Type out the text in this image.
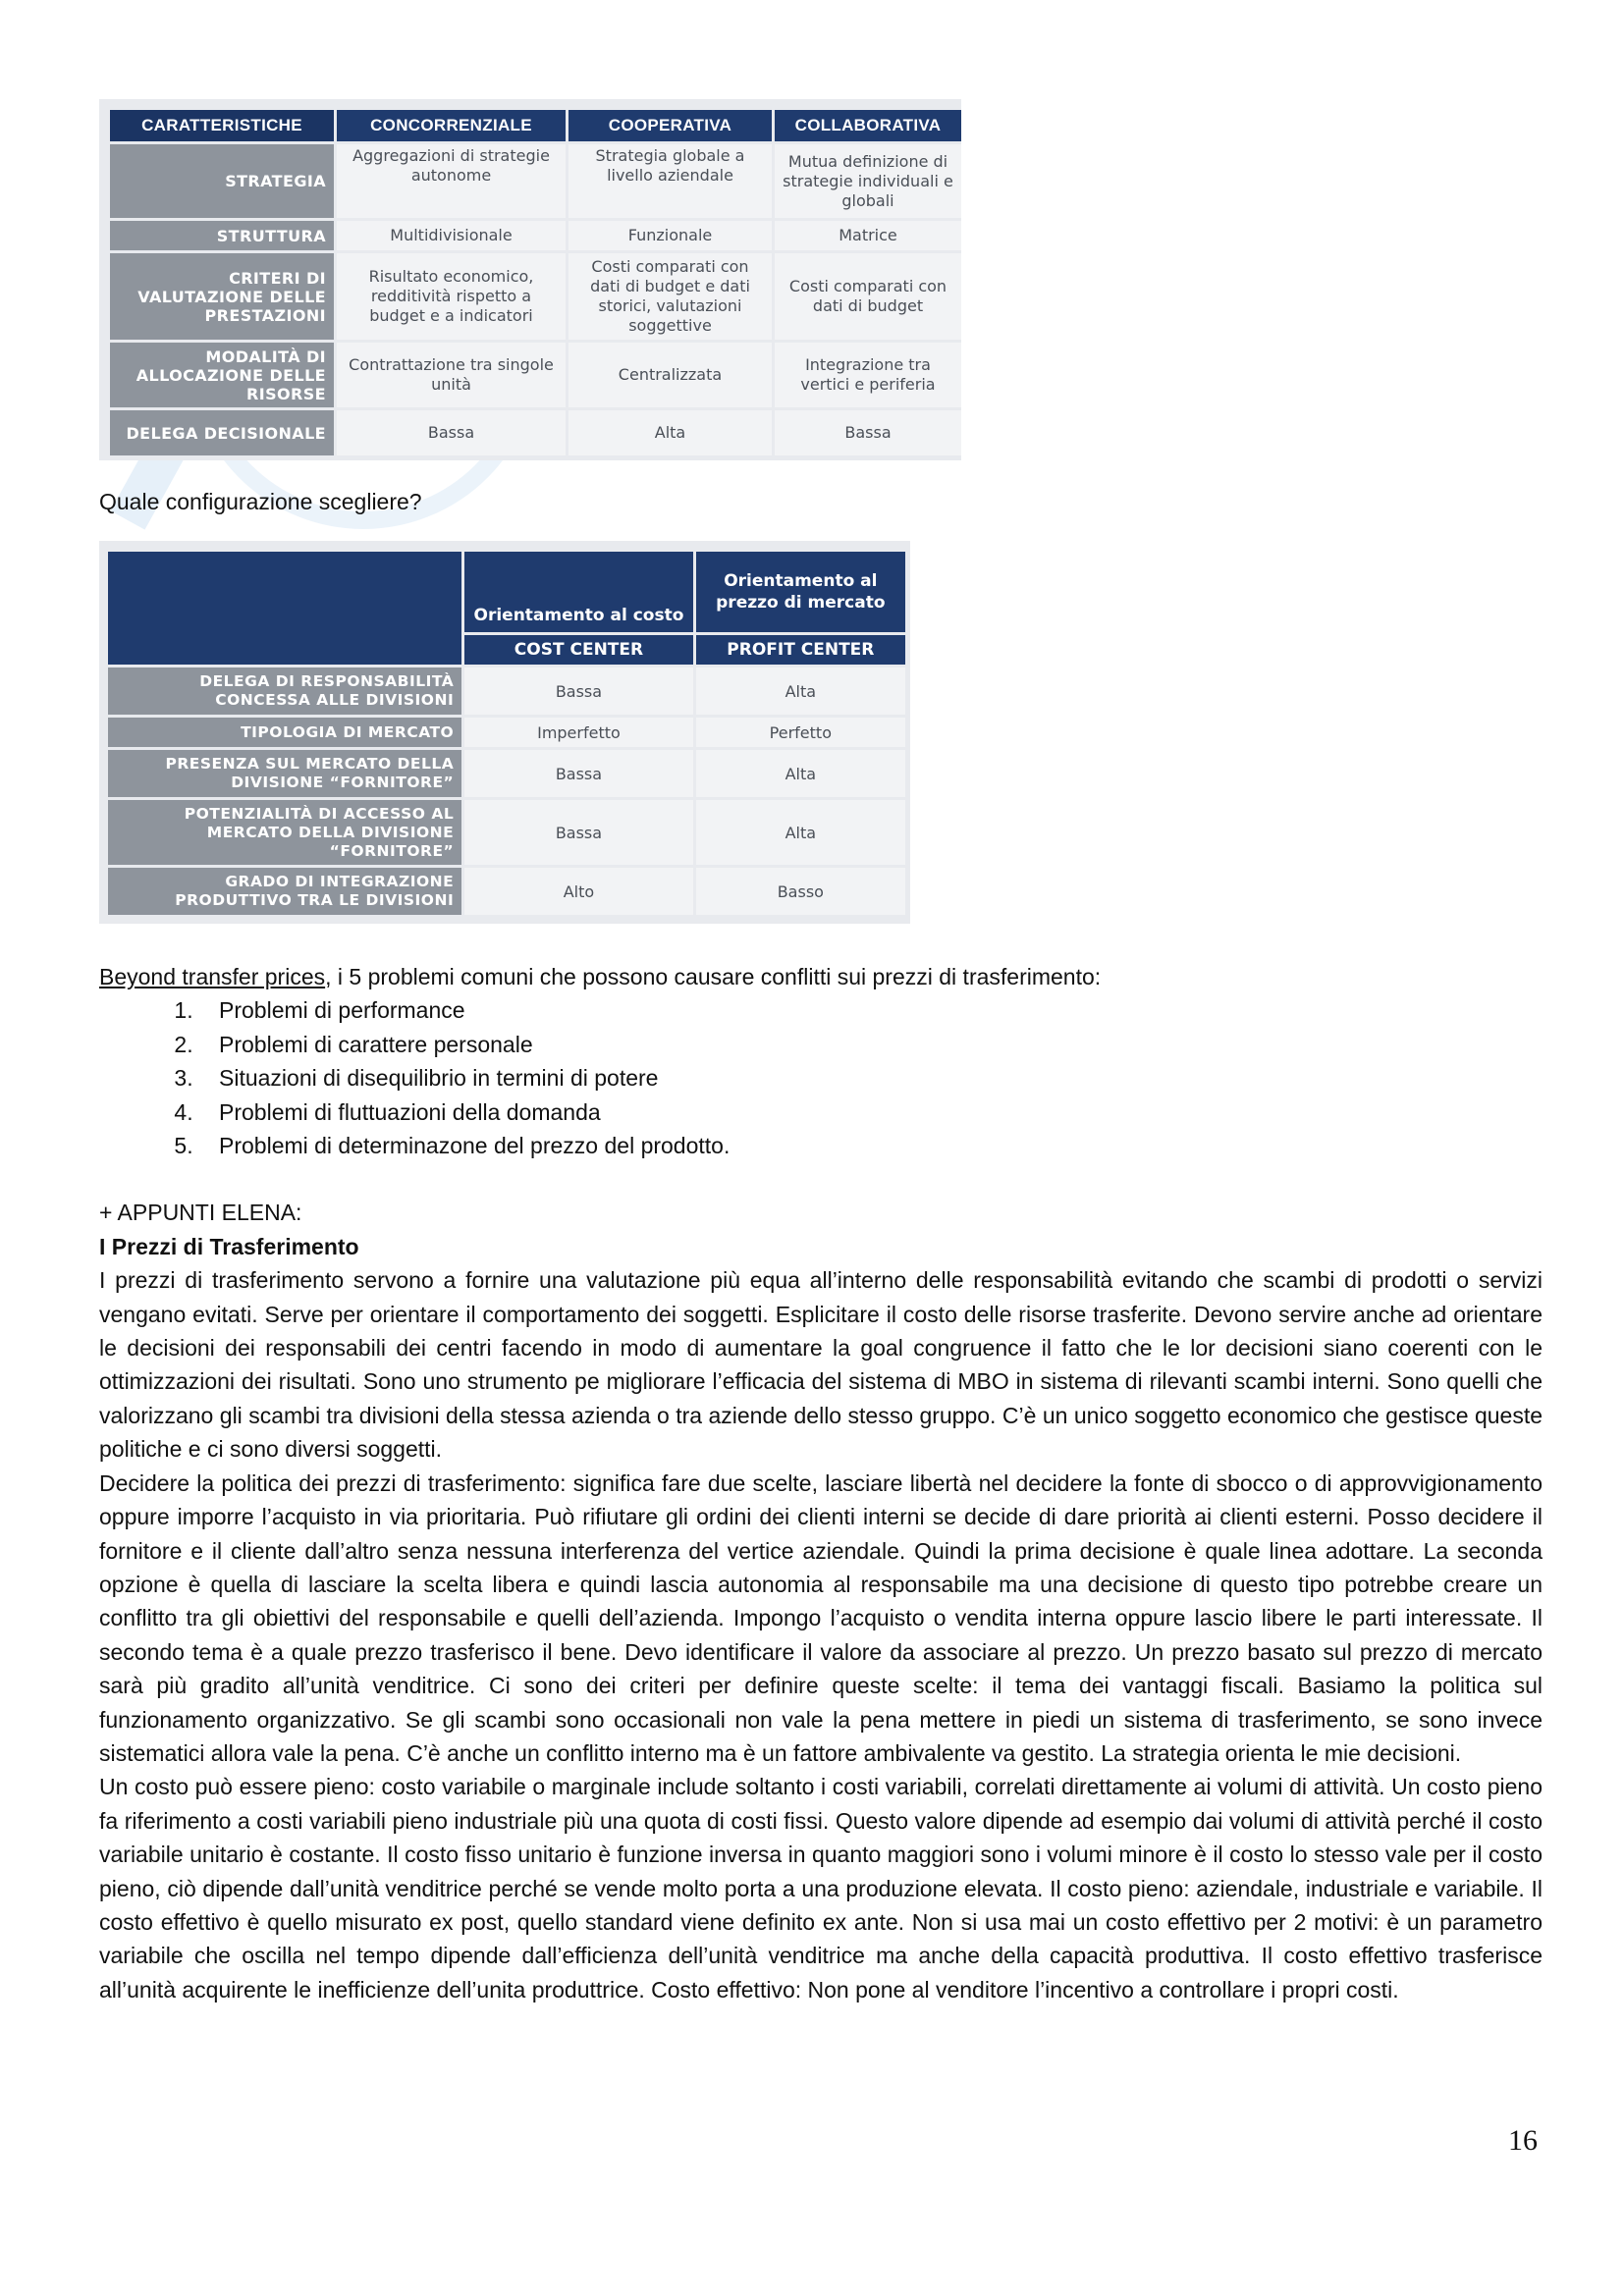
CARATTERISTICHE	CONCORRENZIALE	COOPERATIVA	COLLABORATIVA
STRATEGIA	Aggregazioni di strategie autonome	Strategia globale a livello aziendale	Mutua definizione di strategie individuali e globali
STRUTTURA	Multidivisionale	Funzionale	Matrice
CRITERI DI VALUTAZIONE DELLE PRESTAZIONI	Risultato economico, redditività rispetto a budget e a indicatori	Costi comparati con dati di budget e dati storici, valutazioni soggettive	Costi comparati con dati di budget
MODALITÀ DI ALLOCAZIONE DELLE RISORSE	Contrattazione tra singole unità	Centralizzata	Integrazione tra vertici e periferia
DELEGA DECISIONALE	Bassa	Alta	Bassa
Quale configurazione scegliere?
	Orientamento al costo	Orientamento al prezzo di mercato
	COST CENTER	PROFIT CENTER
DELEGA DI RESPONSABILITÀ CONCESSA ALLE DIVISIONI	Bassa	Alta
TIPOLOGIA DI MERCATO	Imperfetto	Perfetto
PRESENZA SUL MERCATO DELLA DIVISIONE “FORNITORE”	Bassa	Alta
POTENZIALITÀ DI ACCESSO AL MERCATO DELLA DIVISIONE “FORNITORE”	Bassa	Alta
GRADO DI INTEGRAZIONE PRODUTTIVO TRA LE DIVISIONI	Alto	Basso

Beyond transfer prices, i 5 problemi comuni che possono causare conflitti sui prezzi di trasferimento:

1. Problemi di performance
2. Problemi di carattere personale
3. Situazioni di disequilibrio in termini di potere
4. Problemi di fluttuazioni della domanda
5. Problemi di determinazone del prezzo del prodotto.

+ APPUNTI ELENA:

I Prezzi di Trasferimento

I prezzi di trasferimento servono a fornire una valutazione più equa all’interno delle responsabilità evitando che scambi di prodotti o servizi vengano evitati. Serve per orientare il comportamento dei soggetti. Esplicitare il costo delle risorse trasferite. Devono servire anche ad orientare le decisioni dei responsabili dei centri facendo in modo di aumentare la goal congruence il fatto che le lor decisioni siano coerenti con le ottimizzazioni dei risultati. Sono uno strumento pe migliorare l’efficacia del sistema di MBO in sistema di rilevanti scambi interni. Sono quelli che valorizzano gli scambi tra divisioni della stessa azienda o tra aziende dello stesso gruppo. C’è un unico soggetto economico che gestisce queste politiche e ci sono diversi soggetti.

Decidere la politica dei prezzi di trasferimento: significa fare due scelte, lasciare libertà nel decidere la fonte di sbocco o di approvvigionamento oppure imporre l’acquisto in via prioritaria. Può rifiutare gli ordini dei clienti interni se decide di dare priorità ai clienti esterni. Posso decidere il fornitore e il cliente dall’altro senza nessuna interferenza del vertice aziendale. Quindi la prima decisione è quale linea adottare. La seconda opzione è quella di lasciare la scelta libera e quindi lascia autonomia al responsabile ma una decisione di questo tipo potrebbe creare un conflitto tra gli obiettivi del responsabile e quelli dell’azienda. Impongo l’acquisto o vendita interna oppure lascio libere le parti interessate. Il secondo tema è a quale prezzo trasferisco il bene. Devo identificare il valore da associare al prezzo. Un prezzo basato sul prezzo di mercato sarà più gradito all’unità venditrice. Ci sono dei criteri per definire queste scelte: il tema dei vantaggi fiscali. Basiamo la politica sul funzionamento organizzativo. Se gli scambi sono occasionali non vale la pena mettere in piedi un sistema di trasferimento, se sono invece sistematici allora vale la pena. C’è anche un conflitto interno ma è un fattore ambivalente va gestito. La strategia orienta le mie decisioni.

Un costo può essere pieno: costo variabile o marginale include soltanto i costi variabili, correlati direttamente ai volumi di attività. Un costo pieno fa riferimento a costi variabili pieno industriale più una quota di costi fissi. Questo valore dipende ad esempio dai volumi di attività perché il costo variabile unitario è costante. Il costo fisso unitario è funzione inversa in quanto maggiori sono i volumi minore è il costo lo stesso vale per il costo pieno, ciò dipende dall’unità venditrice perché se vende molto porta a una produzione elevata. Il costo pieno: aziendale, industriale e variabile. Il costo effettivo è quello misurato ex post, quello standard viene definito ex ante. Non si usa mai un costo effettivo per 2 motivi: è un parametro variabile che oscilla nel tempo dipende dall’efficienza dell’unità venditrice ma anche della capacità produttiva. Il costo effettivo trasferisce all’unità acquirente le inefficienze dell’unita produttrice. Costo effettivo: Non pone al venditore l’incentivo a controllare i propri costi.

16
